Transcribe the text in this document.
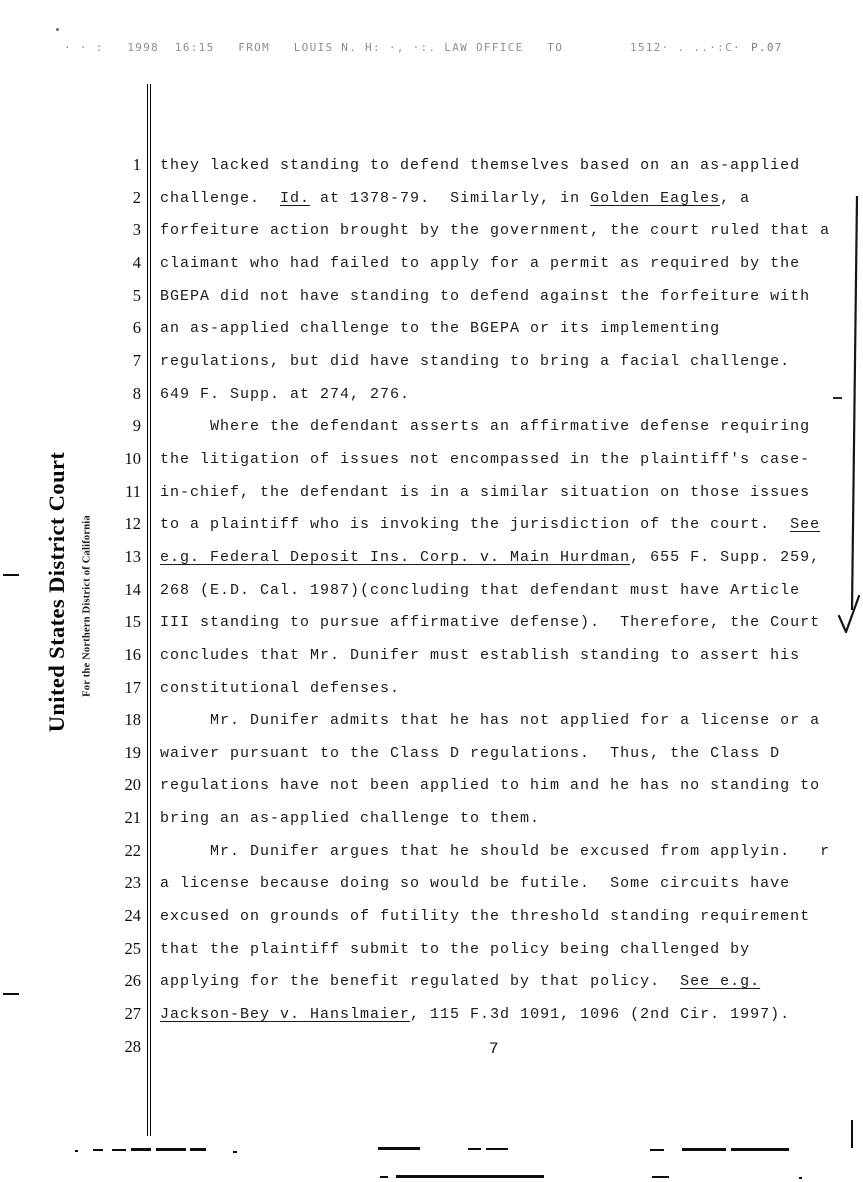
· · :   1998  16:15   FROM   LOUIS N. H: ·, ·:. LAW OFFICE   TO	1512· . ..·:C· P.07
United States District Court For the Northern District of California
1 they lacked standing to defend themselves based on an as-applied
2 challenge.  Id. at 1378-79.  Similarly, in Golden Eagles, a
3 forfeiture action brought by the government, the court ruled that a
4 claimant who had failed to apply for a permit as required by the
5 BGEPA did not have standing to defend against the forfeiture with
6 an as-applied challenge to the BGEPA or its implementing
7 regulations, but did have standing to bring a facial challenge.
8 649 F. Supp. at 274, 276.
9 Where the defendant asserts an affirmative defense requiring
10 the litigation of issues not encompassed in the plaintiff's case-
11 in-chief, the defendant is in a similar situation on those issues
12 to a plaintiff who is invoking the jurisdiction of the court.  See
13 e.g. Federal Deposit Ins. Corp. v. Main Hurdman, 655 F. Supp. 259,
14 268 (E.D. Cal. 1987)(concluding that defendant must have Article
15 III standing to pursue affirmative defense).  Therefore, the Court
16 concludes that Mr. Dunifer must establish standing to assert his
17 constitutional defenses.
18 Mr. Dunifer admits that he has not applied for a license or a
19 waiver pursuant to the Class D regulations.  Thus, the Class D
20 regulations have not been applied to him and he has no standing to
21 bring an as-applied challenge to them.
22 Mr. Dunifer argues that he should be excused from applyin.   r
23 a license because doing so would be futile.  Some circuits have
24 excused on grounds of futility the threshold standing requirement
25 that the plaintiff submit to the policy being challenged by
26 applying for the benefit regulated by that policy.  See e.g.
27 Jackson-Bey v. Hanslmaier, 115 F.3d 1091, 1096 (2nd Cir. 1997).
28	7
